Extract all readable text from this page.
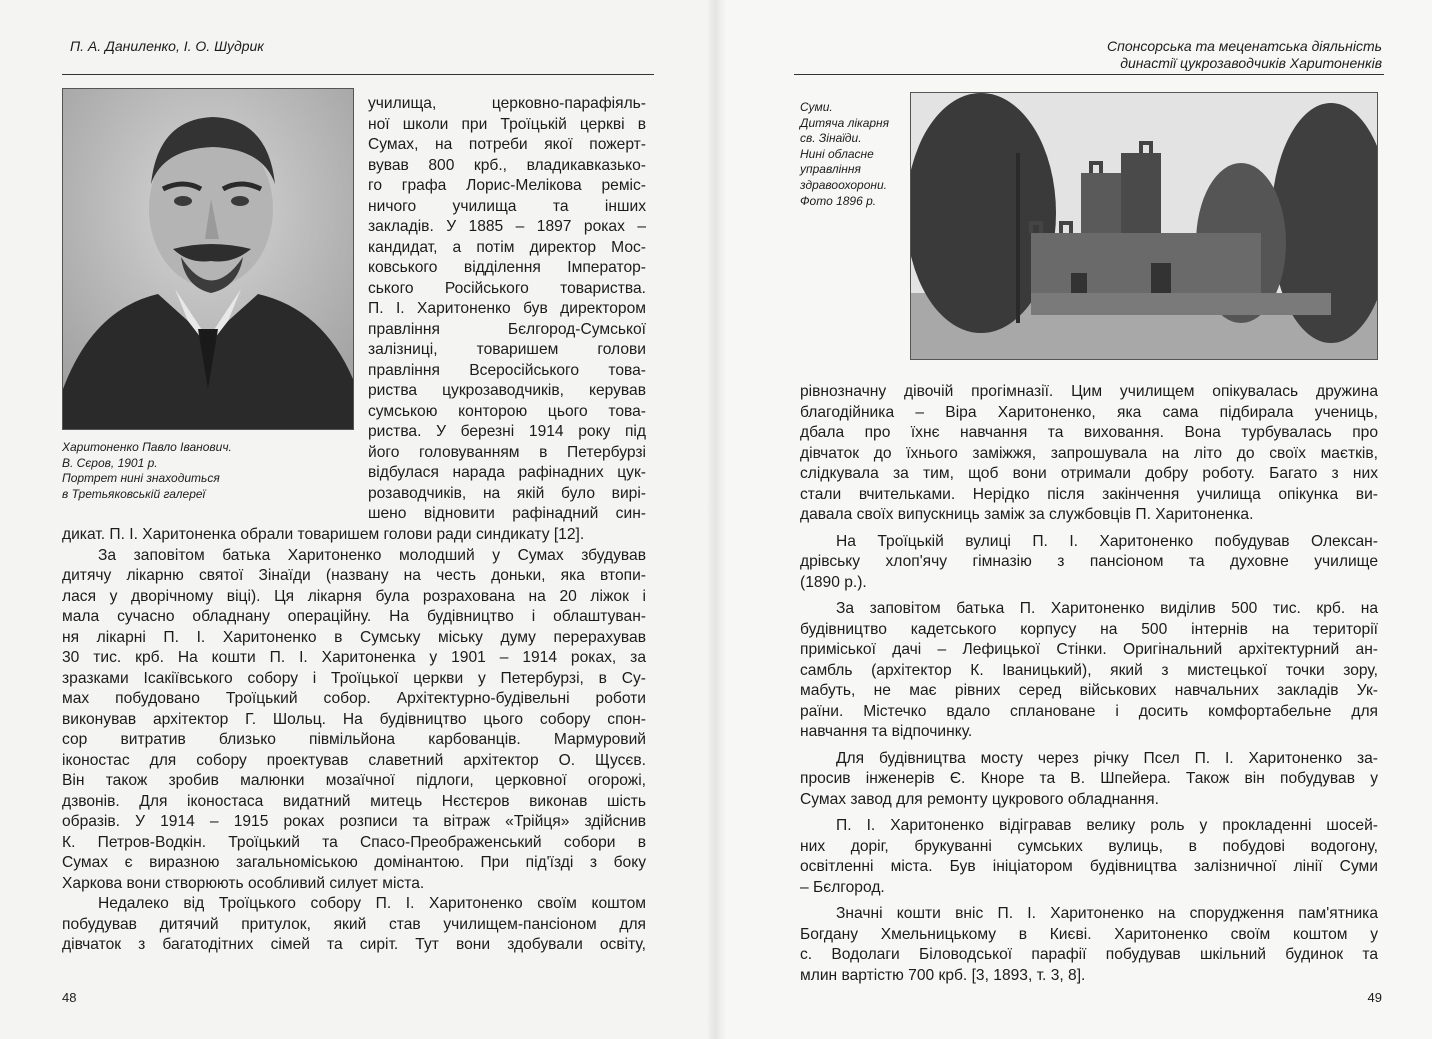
П. А. Даниленко, І. О. Шудрик
Харитоненко Павло Іванович.
В. Сєров, 1901 р.
Портрет нині знаходиться
в Третьяковській галереї
училища, церковно-парафіяль-
ної школи при Троїцькій церкві в
Сумах, на потреби якої пожерт-
вував 800 крб., владикавказько-
го графа Лорис-Мелікова реміс-
ничого училища та інших
закладів. У 1885 – 1897 роках –
кандидат, а потім директор Мос-
ковського відділення Імператор-
ського Російського товариства.
П. І. Харитоненко був директором
правління Бєлгород-Сумської
залізниці, товаришем голови
правління Всеросійського това-
риства цукрозаводчиків, керував
сумською конторою цього това-
риства. У березні 1914 року під
його головуванням в Петербурзі
відбулася нарада рафінадних цук-
розаводчиків, на якій було вирі-
шено відновити рафінадний син-
дикат. П. І. Харитоненка обрали товаришем голови ради синдикату [12].
За заповітом батька Харитоненко молодший у Сумах збудував
дитячу лікарню святої Зінаїди (названу на честь доньки, яка втопи-
лася у дворічному віці). Ця лікарня була розрахована на 20 ліжок і
мала сучасно обладнану операційну. На будівництво і облаштуван-
ня лікарні П. І. Харитоненко в Сумську міську думу перерахував
30 тис. крб. На кошти П. І. Харитоненка у 1901 – 1914 роках, за
зразками Ісакіївського собору і Троїцької церкви у Петербурзі, в Су-
мах побудовано Троїцький собор. Архітектурно-будівельні роботи
виконував архітектор Г. Шольц. На будівництво цього собору спон-
сор витратив близько півмільйона карбованців. Мармуровий
іконостас для собору проектував славетний архітектор О. Щусєв.
Він також зробив малюнки мозаїчної підлоги, церковної огорожі,
дзвонів. Для іконостаса видатний митець Нєстєров виконав шість
образів. У 1914 – 1915 роках розписи та вітраж «Трійця» здійснив
К. Петров-Водкін. Троїцький та Спасо-Преображенський собори в
Сумах є виразною загальноміською домінантою. При під'їзді з боку
Харкова вони створюють особливий силует міста.
Недалеко від Троїцького собору П. І. Харитоненко своїм коштом
побудував дитячий притулок, який став училищем-пансіоном для
дівчаток з багатодітних сімей та сиріт. Тут вони здобували освіту,
48
Спонсорська та меценатська діяльність
династії цукрозаводчиків Харитоненків
Суми.
Дитяча лікарня
св. Зінаїди.
Нині обласне
управління
здравоохорони.
Фото 1896 р.
рівнозначну дівочій прогімназії. Цим училищем опікувалась дружина
благодійника – Віра Харитоненко, яка сама підбирала учениць,
дбала про їхнє навчання та виховання. Вона турбувалась про
дівчаток до їхнього заміжжя, запрошувала на літо до своїх маєтків,
слідкувала за тим, щоб вони отримали добру роботу. Багато з них
стали вчительками. Нерідко після закінчення училища опікунка ви-
давала своїх випускниць заміж за службовців П. Харитоненка.
На Троїцькій вулиці П. І. Харитоненко побудував Олексан-
дрівську хлоп'ячу гімназію з пансіоном та духовне училище
(1890 р.).
За заповітом батька П. Харитоненко виділив 500 тис. крб. на
будівництво кадетського корпусу на 500 інтернів на території
приміської дачі – Лефицької Стінки. Оригінальний архітектурний ан-
самбль (архітектор К. Іваницький), який з мистецької точки зору,
мабуть, не має рівних серед військових навчальних закладів Ук-
раїни. Містечко вдало сплановане і досить комфортабельне для
навчання та відпочинку.
Для будівництва мосту через річку Псел П. І. Харитоненко за-
просив інженерів Є. Кноре та В. Шпейера. Також він побудував у
Сумах завод для ремонту цукрового обладнання.
П. І. Харитоненко відігравав велику роль у прокладенні шосей-
них доріг, брукуванні сумських вулиць, в побудові водогону,
освітленні міста. Був ініціатором будівництва залізничної лінії Суми
– Бєлгород.
Значні кошти вніс П. І. Харитоненко на спорудження пам'ятника
Богдану Хмельницькому в Києві. Харитоненко своїм коштом у
с. Водолаги Біловодської парафії побудував шкільний будинок та
млин вартістю 700 крб. [3, 1893, т. 3, 8].
49
